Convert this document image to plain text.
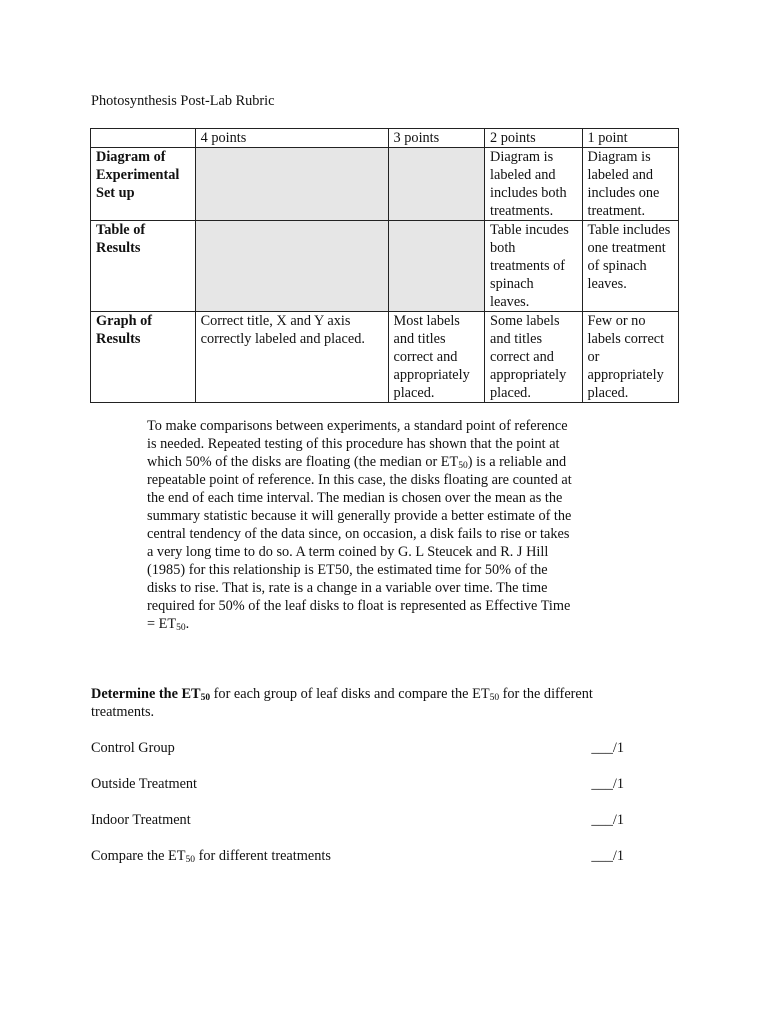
Photosynthesis Post-Lab Rubric
	4 points	3 points	2 points	1 point
Diagram of Experimental Set up			Diagram is labeled and includes both treatments.	Diagram is labeled and includes one treatment.
Table of Results			Table incudes both treatments of spinach leaves.	Table includes one treatment of spinach leaves.
Graph of Results	Correct title, X and Y axis correctly labeled and placed.	Most labels and titles correct and appropriately placed.	Some labels and titles correct and appropriately placed.	Few or no labels correct or appropriately placed.

To make comparisons between experiments, a standard point of reference is needed. Repeated testing of this procedure has shown that the point at which 50% of the disks are floating (the median or $ET_{50}$) is a reliable and repeatable point of reference. In this case, the disks floating are counted at the end of each time interval. The median is chosen over the mean as the summary statistic because it will generally provide a better estimate of the central tendency of the data since, on occasion, a disk fails to rise or takes a very long time to do so. A term coined by G. L Steucek and R. J Hill (1985) for this relationship is ET50, the estimated time for 50% of the disks to rise. That is, rate is a change in a variable over time. The time required for 50% of the leaf disks to float is represented as Effective Time = $ET_{50}$.

Determine the $ET_{50}$ for each group of leaf disks and compare the $ET_{50}$ for the different treatments.

Control Group	___/1
Outside Treatment	___/1
Indoor Treatment	___/1
Compare the $ET_{50}$ for different treatments	___/1
